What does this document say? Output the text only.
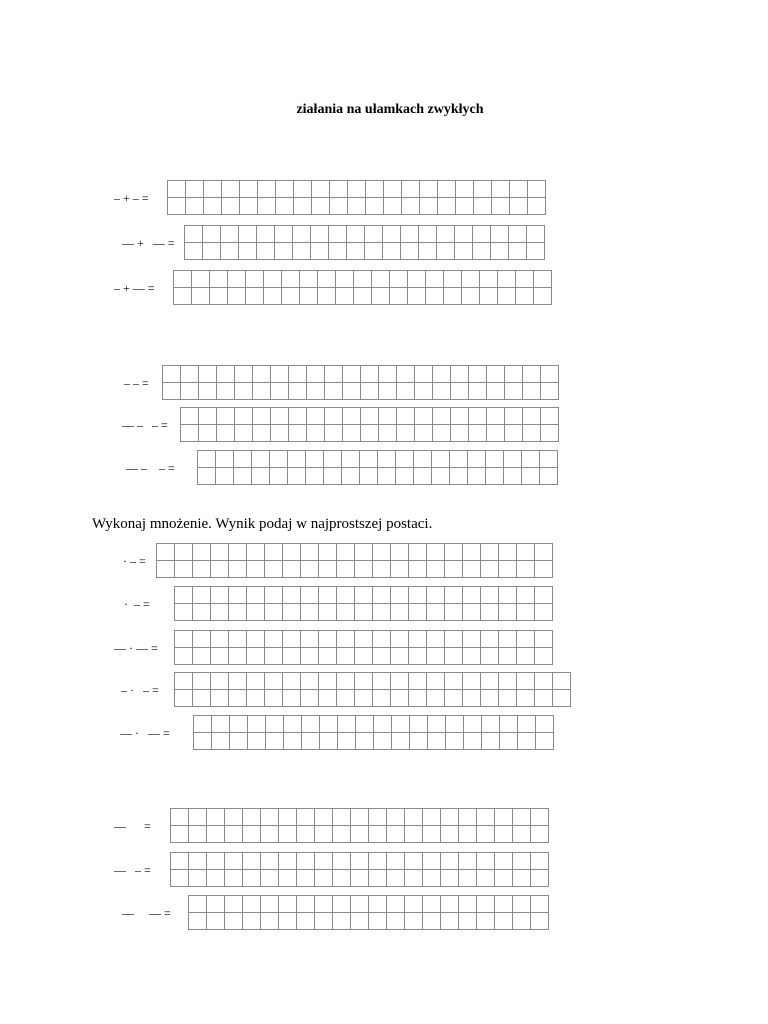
ziałania na ułamkach zwykłych
Wykonaj mnożenie. Wynik podaj w najprostszej postaci.
– + – =

— +   — =

– + — =

– – =

— –   – =

— –    – =

· – =

·  – =

— · — =

– ·   – =

— ·   — =

—      =

—   – =

—     — =
